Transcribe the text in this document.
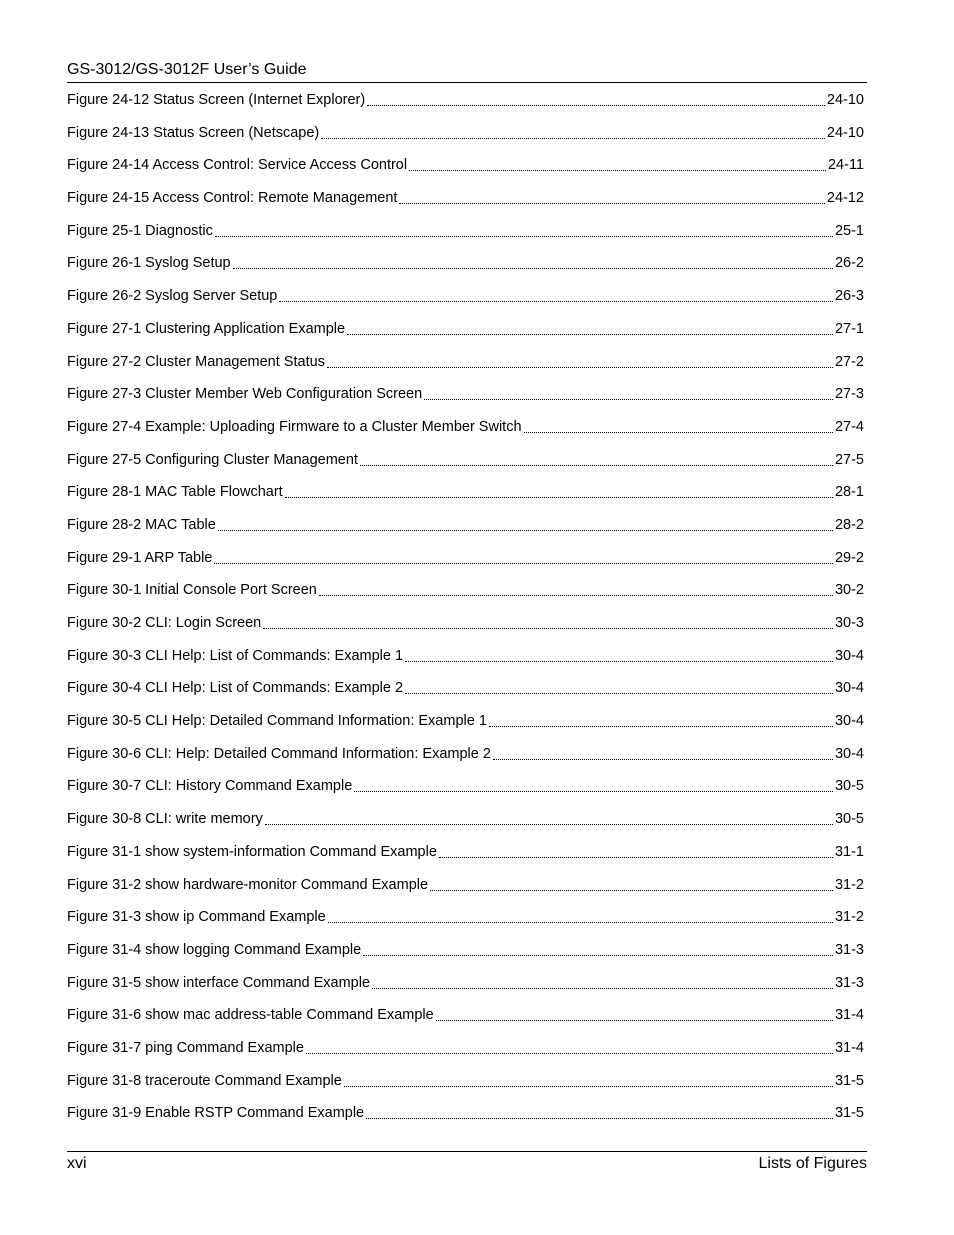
GS-3012/GS-3012F User’s Guide
Figure 24-12 Status Screen (Internet Explorer)	24-10
Figure 24-13 Status Screen (Netscape)	24-10
Figure 24-14 Access Control: Service Access Control	24-11
Figure 24-15 Access Control: Remote Management	24-12
Figure 25-1 Diagnostic	25-1
Figure 26-1 Syslog Setup	26-2
Figure 26-2 Syslog Server Setup	26-3
Figure 27-1 Clustering Application Example	27-1
Figure 27-2 Cluster Management Status	27-2
Figure 27-3 Cluster Member Web Configuration Screen	27-3
Figure 27-4 Example: Uploading Firmware to a Cluster Member Switch	27-4
Figure 27-5 Configuring Cluster Management	27-5
Figure 28-1 MAC Table Flowchart	28-1
Figure 28-2 MAC Table	28-2
Figure 29-1 ARP Table	29-2
Figure 30-1 Initial Console Port Screen	30-2
Figure 30-2 CLI: Login Screen	30-3
Figure 30-3 CLI Help: List of Commands: Example 1	30-4
Figure 30-4 CLI Help: List of Commands: Example 2	30-4
Figure 30-5 CLI Help: Detailed Command Information: Example 1	30-4
Figure 30-6 CLI: Help: Detailed Command Information: Example 2	30-4
Figure 30-7 CLI: History Command Example	30-5
Figure 30-8 CLI: write memory	30-5
Figure 31-1 show system-information Command Example	31-1
Figure 31-2 show hardware-monitor Command Example	31-2
Figure 31-3 show ip Command Example	31-2
Figure 31-4 show logging Command Example	31-3
Figure 31-5 show interface Command Example	31-3
Figure 31-6 show mac address-table Command Example	31-4
Figure 31-7 ping Command Example	31-4
Figure 31-8 traceroute Command Example	31-5
Figure 31-9 Enable RSTP Command Example	31-5
xvi	Lists of Figures
